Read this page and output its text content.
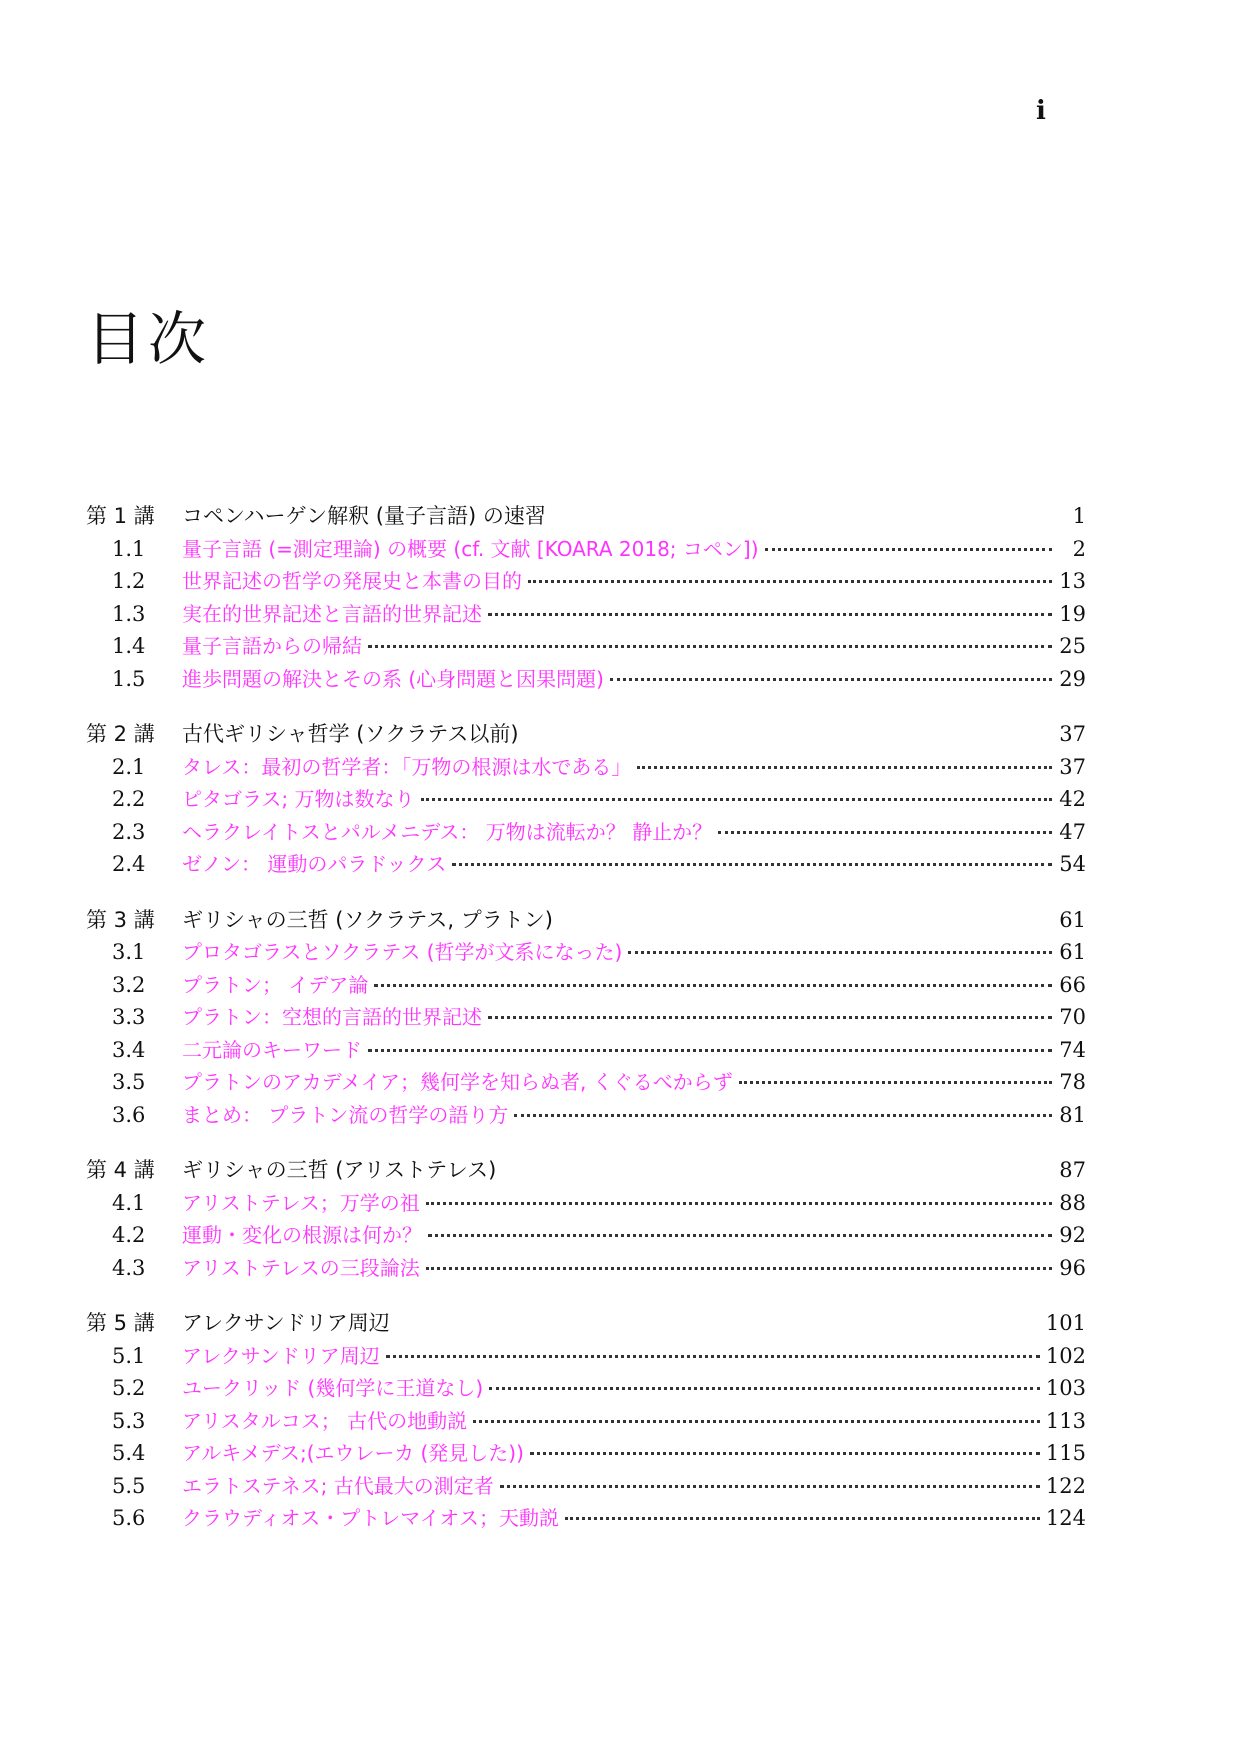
i
目次
第 1 講	コペンハーゲン解釈 (量子言語) の速習	1
1.1	量子言語 (=測定理論) の概要 (cf. 文献 [KOARA 2018; コペン])	2
1.2	世界記述の哲学の発展史と本書の目的	13
1.3	実在的世界記述と言語的世界記述	19
1.4	量子言語からの帰結	25
1.5	進歩問題の解決とその系 (心身問題と因果問題)	29
第 2 講	古代ギリシャ哲学 (ソクラテス以前)	37
2.1	タレス：最初の哲学者：「万物の根源は水である」	37
2.2	ピタゴラス; 万物は数なり	42
2.3	ヘラクレイトスとパルメニデス： 万物は流転か？ 静止か？	47
2.4	ゼノン： 運動のパラドックス	54
第 3 講	ギリシャの三哲 (ソクラテス, プラトン)	61
3.1	プロタゴラスとソクラテス (哲学が文系になった)	61
3.2	プラトン； イデア論	66
3.3	プラトン：空想的言語的世界記述	70
3.4	二元論のキーワード	74
3.5	プラトンのアカデメイア；幾何学を知らぬ者, くぐるべからず	78
3.6	まとめ： プラトン流の哲学の語り方	81
第 4 講	ギリシャの三哲 (アリストテレス)	87
4.1	アリストテレス；万学の祖	88
4.2	運動・変化の根源は何か？	92
4.3	アリストテレスの三段論法	96
第 5 講	アレクサンドリア周辺	101
5.1	アレクサンドリア周辺	102
5.2	ユークリッド (幾何学に王道なし)	103
5.3	アリスタルコス； 古代の地動説	113
5.4	アルキメデス;(エウレーカ (発見した))	115
5.5	エラトステネス; 古代最大の測定者	122
5.6	クラウディオス・プトレマイオス；天動説	124
